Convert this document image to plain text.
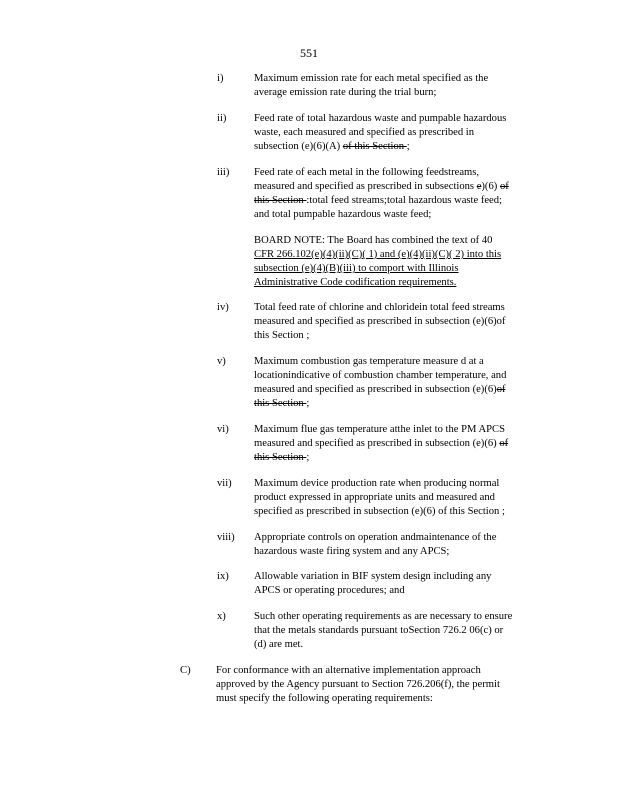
551
i)	Maximum emission rate for each metal specified as the
average emission rate during the trial burn;
ii)	Feed rate of total hazardous waste and pumpable hazardous
waste, each measured and specified as prescribed in
subsection (e)(6)(A) of this Section ;
iii) Feed rate of each metal in the following feedstreams,
measured and specified as prescribed in subsections e)(6) of
this Section :total feed streams;total hazardous waste feed;
and total pumpable hazardous waste feed;
BOARD NOTE: The Board has combined the text of 40
CFR 266.102(e)(4)(ii)(C)( 1) and (e)(4)(ii)(C)( 2) into this
subsection (e)(4)(B)(iii) to comport with Illinois
Administrative Code codification requirements.
iv) Total feed rate of chlorine and chloridein total feed streams
measured and specified as prescribed in subsection (e)(6)of
this Section ;
v)	Maximum combustion gas temperature measure d at a
locationindicative of combustion chamber temperature, and
measured and specified as prescribed in subsection (e)(6)of
this Section ;
vi) Maximum flue gas temperature atthe inlet to the PM APCS
measured and specified as prescribed in subsection (e)(6) of
this Section ;
vii) Maximum device production rate when producing normal
product expressed in appropriate units and measured and
specified as prescribed in subsection (e)(6) of this Section ;
viii) Appropriate controls on operation andmaintenance of the
hazardous waste firing system and any APCS;
ix) Allowable variation in BIF system design including any
APCS or operating procedures; and
x)	Such other operating requirements as are necessary to ensure
that the metals standards pursuant toSection 726.2 06(c) or
(d) are met.
C) For conformance with an alternative implementation approach
approved by the Agency pursuant to Section 726.206(f), the permit
must specify the following operating requirements:
